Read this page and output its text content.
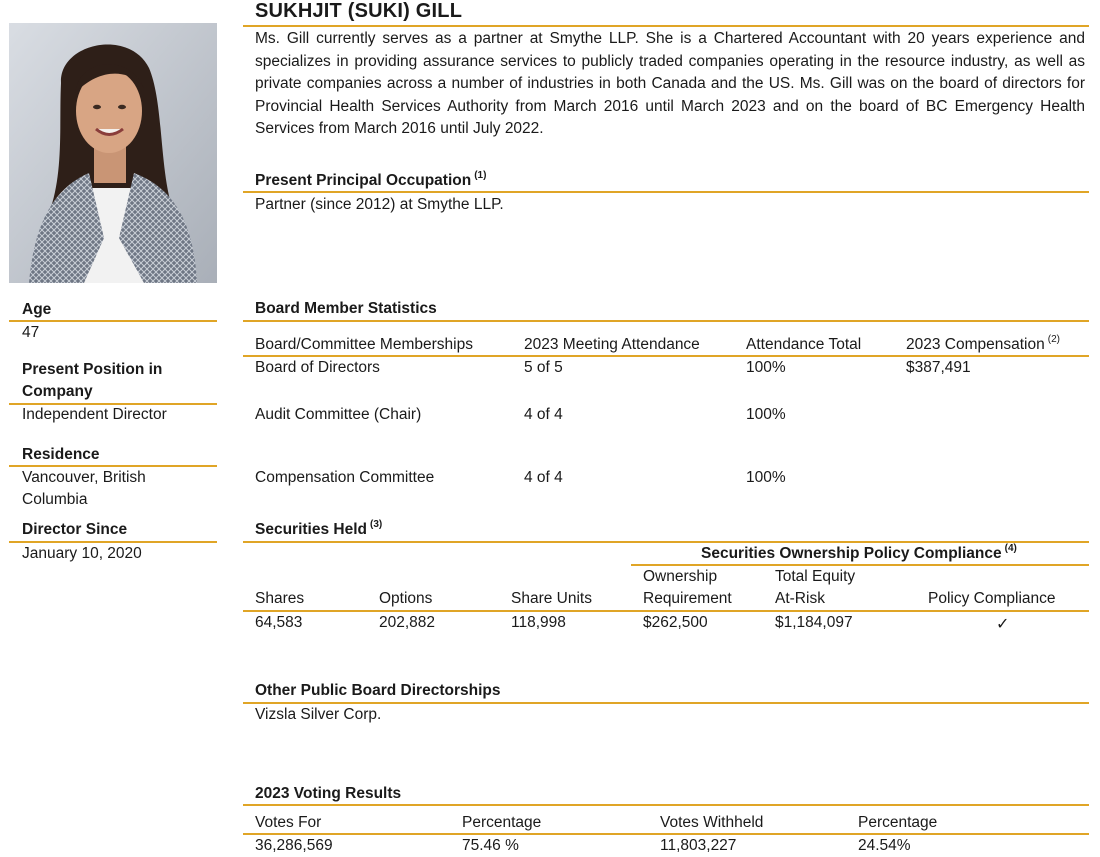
SUKHJIT (SUKI) GILL
Ms. Gill currently serves as a partner at Smythe LLP. She is a Chartered Accountant with 20 years experience and specializes in providing assurance services to publicly traded companies operating in the resource industry, as well as private companies across a number of industries in both Canada and the US. Ms. Gill was on the board of directors for Provincial Health Services Authority from March 2016 until March 2023 and on the board of BC Emergency Health Services from March 2016 until July 2022.
Present Principal Occupation $^{(1)}$
Partner (since 2012) at Smythe LLP.
Age
47
Present Position in
Company
Independent Director
Residence
Vancouver, British
Columbia
Director Since
January 10, 2020
Board Member Statistics
Board/Committee Memberships	2023 Meeting Attendance	Attendance Total	2023 Compensation $^{(2)}$
Board of Directors	5 of 5	100%	$387,491
Audit Committee (Chair)	4 of 4	100%
Compensation Committee	4 of 4	100%
Securities Held $^{(3)}$
Securities Ownership Policy Compliance $^{(4)}$
Ownership	Total Equity
Shares	Options	Share Units	Requirement	At-Risk	Policy Compliance
64,583	202,882	118,998	$262,500	$1,184,097	✓
Other Public Board Directorships
Vizsla Silver Corp.
2023 Voting Results
Votes For	Percentage	Votes Withheld	Percentage
36,286,569	75.46 %	11,803,227	24.54%
